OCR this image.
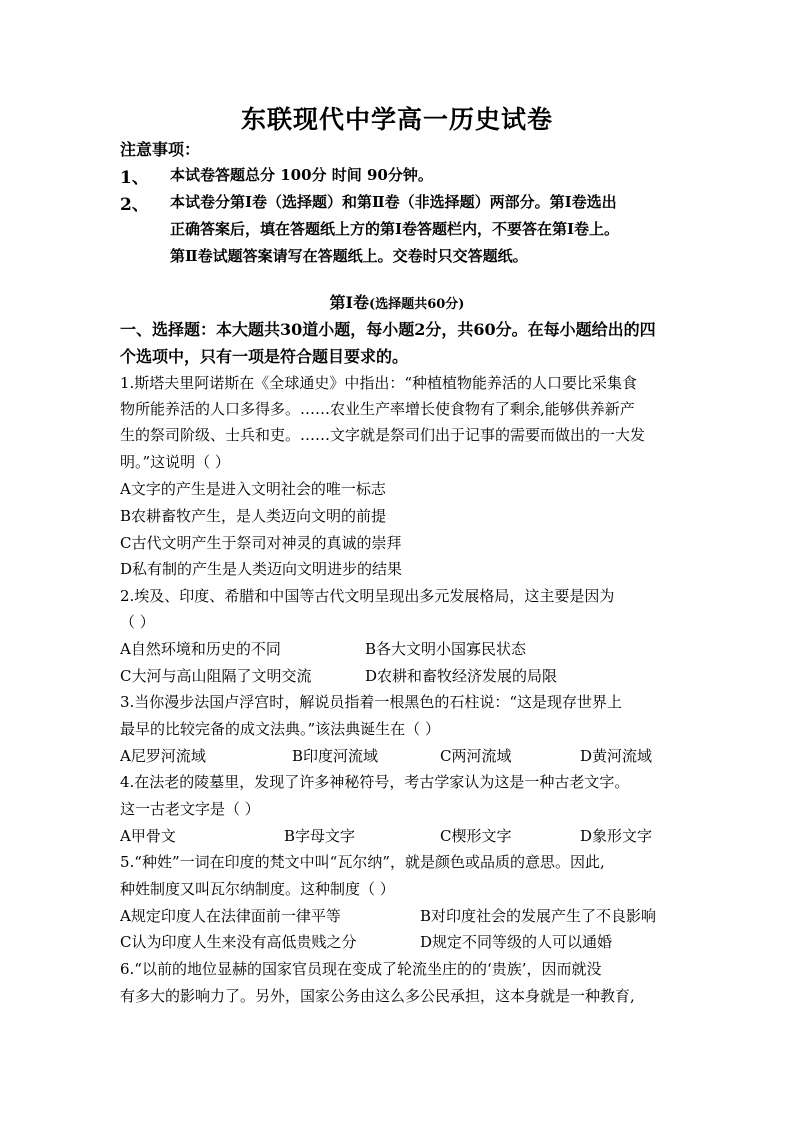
东联现代中学高一历史试卷
注意事项：
1、 本试卷答题总分 100分 时间 90分钟。
2、 本试卷分第Ⅰ卷（选择题）和第Ⅱ卷（非选择题）两部分。第Ⅰ卷选出
正确答案后，填在答题纸上方的第Ⅰ卷答题栏内，不要答在第Ⅰ卷上。
第Ⅱ卷试题答案请写在答题纸上。交卷时只交答题纸。
第Ⅰ卷(选择题共60分)
一、选择题：本大题共30道小题，每小题2分，共60分。在每小题给出的四
个选项中，只有一项是符合题目要求的。
1.斯塔夫里阿诺斯在《全球通史》中指出：“种植植物能养活的人口要比采集食
物所能养活的人口多得多。……农业生产率增长使食物有了剩余,能够供养新产
生的祭司阶级、士兵和吏。……文字就是祭司们出于记事的需要而做出的一大发
明。”这说明（ ）
A文字的产生是进入文明社会的唯一标志
B农耕畜牧产生，是人类迈向文明的前提
C古代文明产生于祭司对神灵的真诚的崇拜
D私有制的产生是人类迈向文明进步的结果
2.埃及、印度、希腊和中国等古代文明呈现出多元发展格局，这主要是因为
（ ）
A自然环境和历史的不同	B各大文明小国寡民状态
C大河与高山阻隔了文明交流	D农耕和畜牧经济发展的局限
3.当你漫步法国卢浮宫时，解说员指着一根黑色的石柱说：“这是现存世界上
最早的比较完备的成文法典。”该法典诞生在（ ）
A尼罗河流域	B印度河流域	C两河流域	D黄河流域
4.在法老的陵墓里，发现了许多神秘符号，考古学家认为这是一种古老文字。
这一古老文字是（ ）
A甲骨文	B字母文字	C楔形文字	D象形文字
5.“种姓”一词在印度的梵文中叫“瓦尔纳”，就是颜色或品质的意思。因此,
种姓制度又叫瓦尔纳制度。这种制度（ ）
A规定印度人在法律面前一律平等	B对印度社会的发展产生了不良影响
C认为印度人生来没有高低贵贱之分	D规定不同等级的人可以通婚
6.“以前的地位显赫的国家官员现在变成了轮流坐庄的的‘贵族’，因而就没
有多大的影响力了。另外，国家公务由这么多公民承担，这本身就是一种教育,
